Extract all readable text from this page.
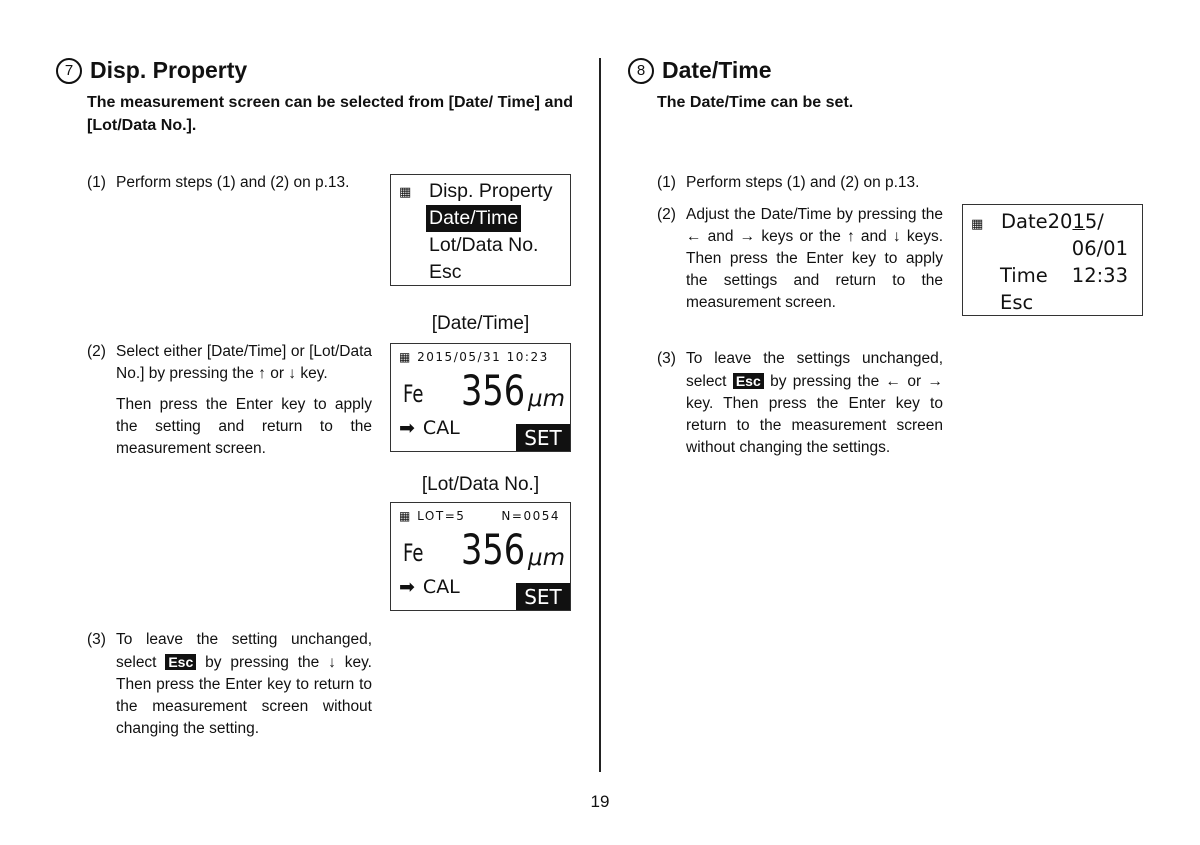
7 Disp. Property
The measurement screen can be selected from [Date/ Time] and [Lot/Data No.].
(1) Perform steps (1) and (2) on p.13.
▦ Disp. Property
Date/Time
Lot/Data No.
Esc
[Date/Time]
▦ 2015/05/31 10:23
Fe 356 μm
➡ CAL	SET
(2) Select either [Date/Time] or [Lot/Data No.] by pressing the ↑ or ↓ key.

Then press the Enter key to apply the setting and return to the measurement screen.

[Lot/Data No.]
▦ LOT=5	N=0054
Fe 356 μm
➡ CAL	SET
(3) To leave the setting unchanged, select Esc by pressing the ↓ key. Then press the Enter key to return to the measurement screen without changing the setting.
8 Date/Time
The Date/Time can be set.
(1) Perform steps (1) and (2) on p.13.
(2) Adjust the Date/Time by pressing the ← and → keys or the ↑ and ↓ keys. Then press the Enter key to apply the settings and return to the measurement screen.
▦ Date2015/
06/01
Time 12:33
Esc
(3) To leave the settings unchanged, select Esc by pressing the ← or → key. Then press the Enter key to return to the measurement screen without changing the settings.
19
